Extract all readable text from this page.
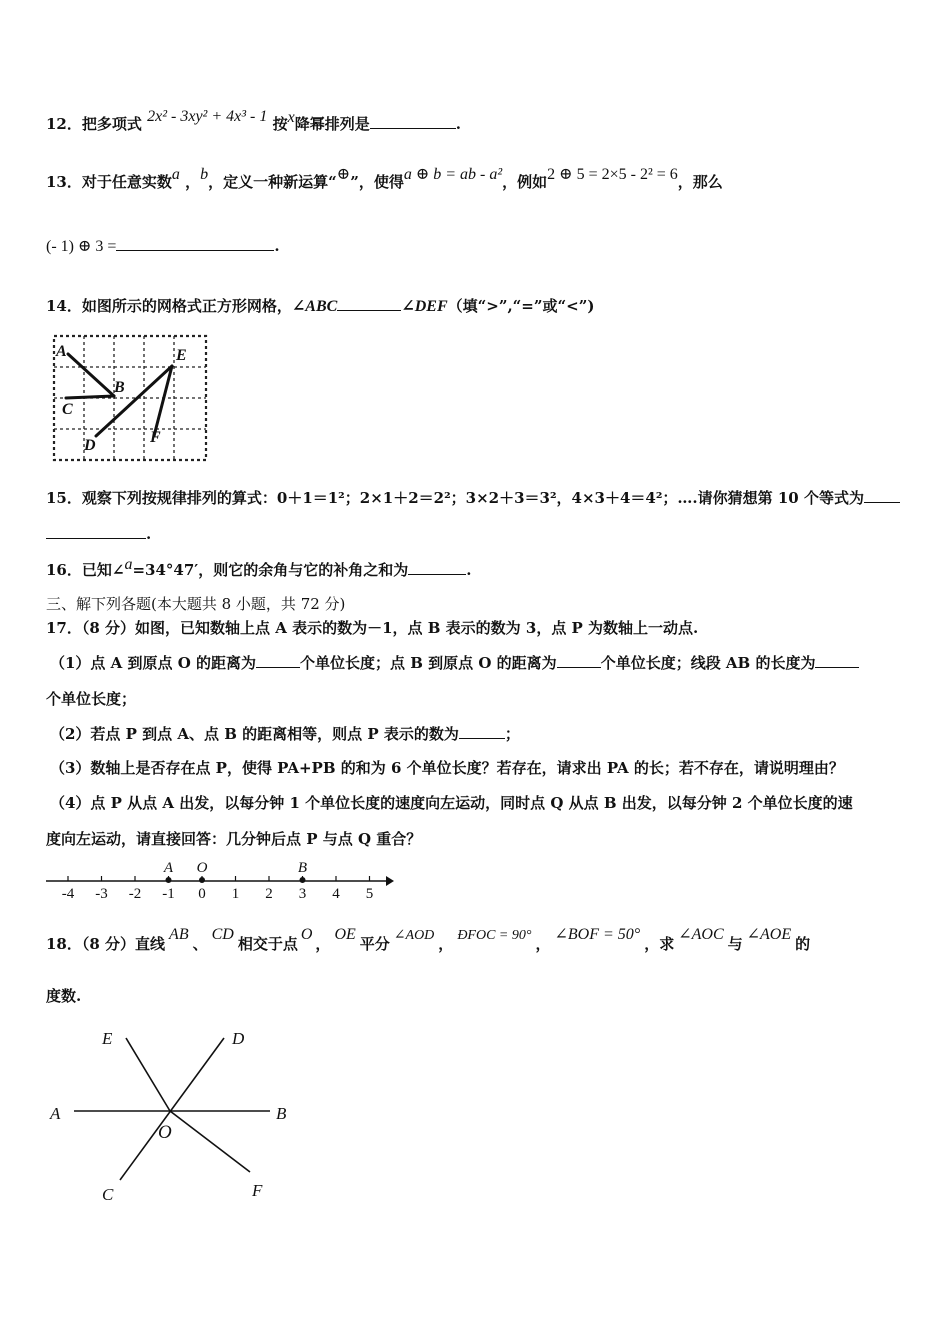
12．把多项式 2x² - 3xy² + 4x³ - 1 按x降幂排列是	.
13．对于任意实数a ，b，定义一种新运算“⊕”，使得a ⊕ b = ab - a²，例如2 ⊕ 5 = 2×5 - 2² = 6，那么
(- 1) ⊕ 3 =	.
14．如图所示的网格式正方形网格，∠ABC	∠DEF（填“>”,“=”或“<”)
A
B
C
D
E
F
15．观察下列按规律排列的算式：0＋1＝1²；2×1＋2＝2²；3×2＋3＝3²，4×3＋4＝4²；….请你猜想第 10 个等式为
.
16．已知∠a=34°47′，则它的余角与它的补角之和为	.
三、解下列各题(本大题共 8 小题，共 72 分)
17．（8 分）如图，已知数轴上点 A 表示的数为－1，点 B 表示的数为 3，点 P 为数轴上一动点.
（1）点 A 到原点 O 的距离为	个单位长度；点 B 到原点 O 的距离为	个单位长度；线段 AB 的长度为
个单位长度；
（2）若点 P 到点 A、点 B 的距离相等，则点 P 表示的数为	；
（3）数轴上是否存在点 P，使得 PA+PB 的和为 6 个单位长度？若存在，请求出 PA 的长；若不存在，请说明理由？
（4）点 P 从点 A 出发，以每分钟 1 个单位长度的速度向左运动，同时点 Q 从点 B 出发，以每分钟 2 个单位长度的速
度向左运动，请直接回答：几分钟后点 P 与点 Q 重合？
-4 -3 -2 -1 0 1 2 3 4 5
A O	B
18．（8 分）直线AB、CD相交于点O，OE平分 ∠AOD ， ÐFOC = 90° ，∠BOF = 50°，求∠AOC与∠AOE的
度数.
E	D
A	B
O
C	F
